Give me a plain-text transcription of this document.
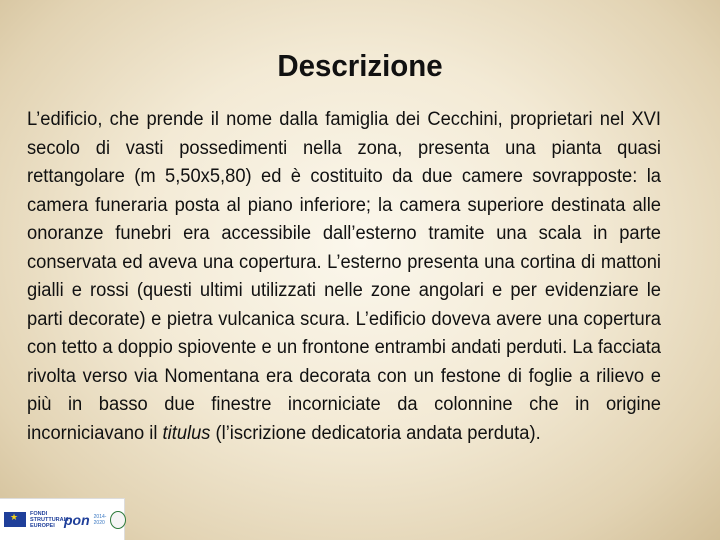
Descrizione

L’edificio, che prende il nome dalla famiglia dei Cecchini, proprietari nel XVI secolo di vasti possedimenti nella zona, presenta una pianta quasi rettangolare (m 5,50x5,80) ed è costituito da due camere sovrapposte: la camera funeraria posta al piano inferiore; la camera superiore destinata alle onoranze funebri era accessibile dall’esterno tramite una scala in parte conservata ed aveva una copertura. L’esterno presenta una cortina di mattoni gialli e rossi (questi ultimi utilizzati nelle zone angolari e per evidenziare le parti decorate) e pietra vulcanica scura. L’edificio doveva avere una copertura con tetto a doppio spiovente e un frontone entrambi andati perduti. La facciata rivolta verso via Nomentana era decorata con un festone di foglie a rilievo e più in basso due finestre incorniciate da colonnine che in origine incorniciavano il titulus (l’iscrizione dedicatoria andata perduta).

★
FONDI STRUTTURALI EUROPEI pon 2014-2020
